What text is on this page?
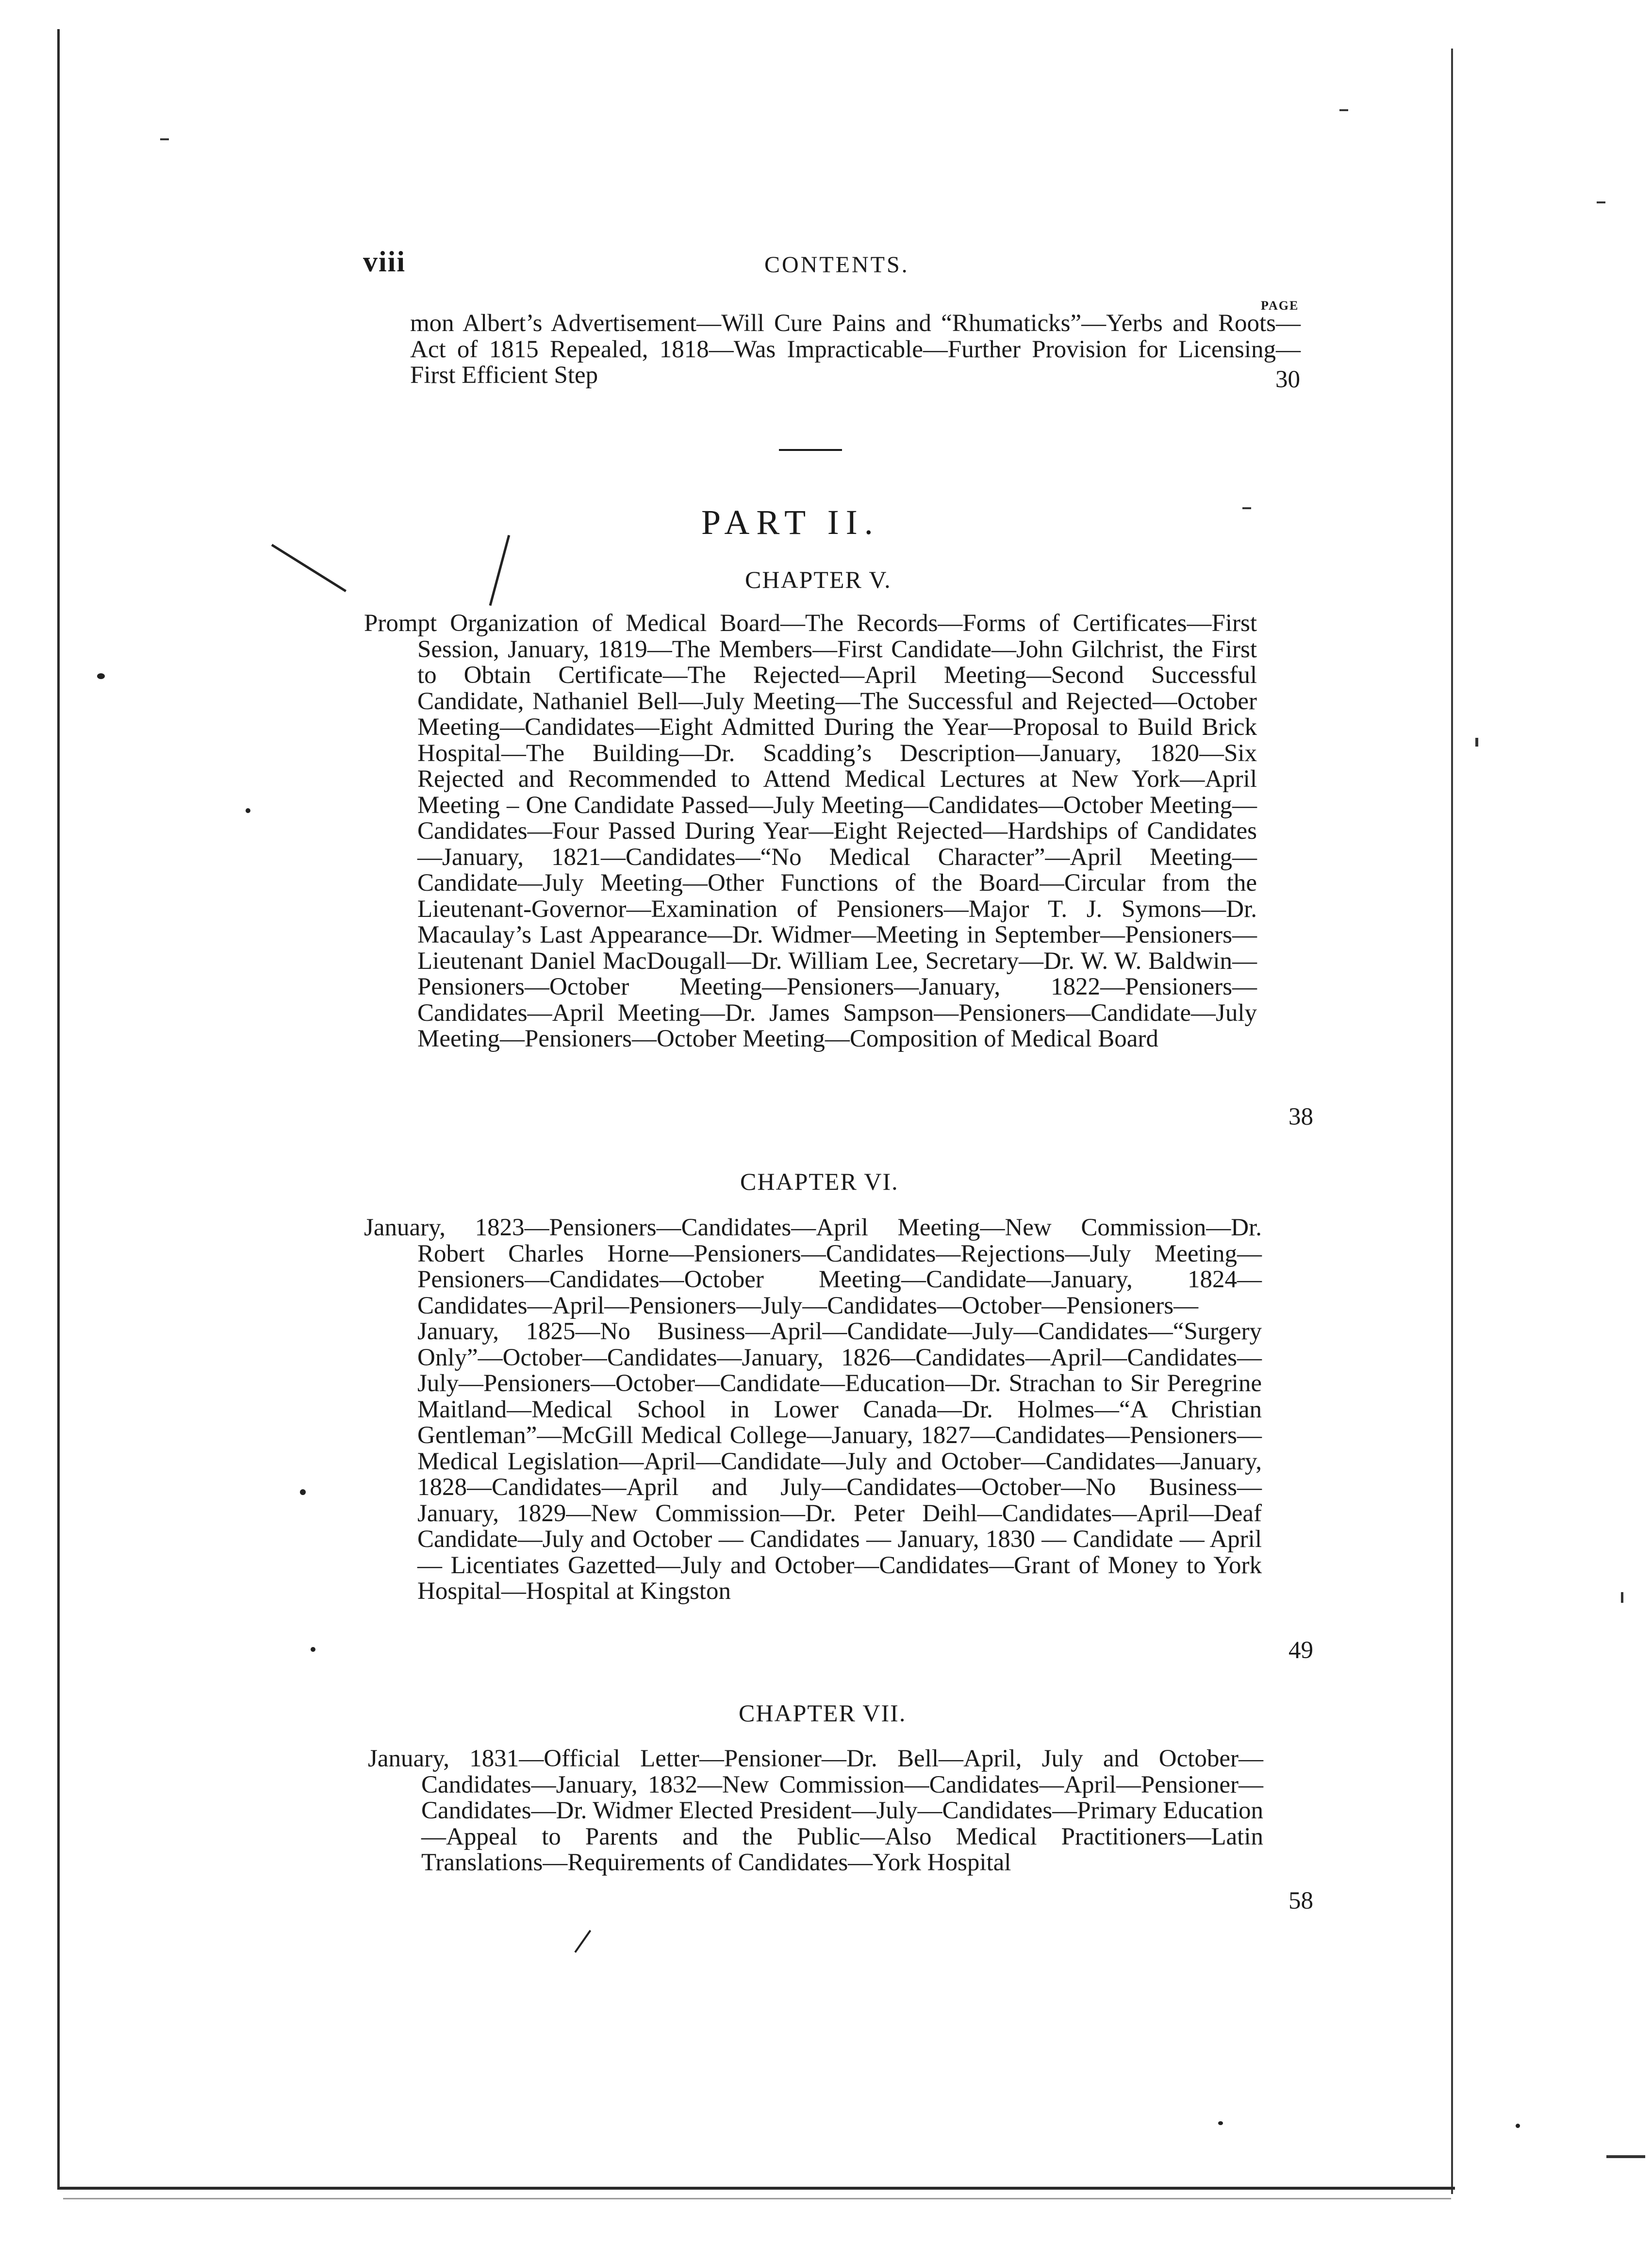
viii	CONTENTS.
PAGE

mon Albert’s Advertisement—Will Cure Pains and “Rhumaticks”—Yerbs and Roots—Act of 1815 Repealed, 1818—Was Impracticable—Further Provision for Licensing—First Efficient Step	30
PART II.
CHAPTER V.

Prompt Organization of Medical Board—The Records—Forms of Certificates—First Session, January, 1819—The Members—First Candidate—John Gilchrist, the First to Obtain Certificate—The Rejected—April Meeting—Second Successful Candidate, Nathaniel Bell—July Meeting—The Successful and Rejected—October Meeting—Candidates—Eight Admitted During the Year—Proposal to Build Brick Hospital—The Building—Dr. Scadding’s Description—January, 1820—Six Rejected and Recommended to Attend Medical Lectures at New York—April Meeting – One Candidate Passed—July Meeting—Candidates—October Meeting—Candidates—Four Passed During Year—Eight Rejected—Hardships of Candidates—January, 1821—Candidates—“No Medical Character”—April Meeting—Candidate—July Meeting—Other Functions of the Board—Circular from the Lieutenant-Governor—Examination of Pensioners—Major T. J. Symons—Dr. Macaulay’s Last Appearance—Dr. Widmer—Meeting in September—Pensioners—Lieutenant Daniel MacDougall—Dr. William Lee, Secretary—Dr. W. W. Baldwin—Pensioners—October Meeting—Pensioners—January, 1822—Pensioners—Candidates—April Meeting—Dr. James Sampson—Pensioners—Candidate—July Meeting—Pensioners—October Meeting—Composition of Medical Board

38
CHAPTER VI.

January, 1823—Pensioners—Candidates—April Meeting—New Commission—Dr. Robert Charles Horne—Pensioners—Candidates—Rejections—July Meeting—Pensioners—Candidates—October Meeting—Candidate—January, 1824—Candidates—April—Pensioners—July—Candidates—October—Pensioners—January, 1825—No Business—April—Candidate—July—Candidates—“Surgery Only”—October—Candidates—January, 1826—Candidates—April—Candidates—July—Pensioners—October—Candidate—Education—Dr. Strachan to Sir Peregrine Maitland—Medical School in Lower Canada—Dr. Holmes—“A Christian Gentleman”—McGill Medical College—January, 1827—Candidates—Pensioners—Medical Legislation—April—Candidate—July and October—Candidates—January, 1828—Candidates—April and July—Candidates—October—No Business—January, 1829—New Commission—Dr. Peter Deihl—Candidates—April—Deaf Candidate—July and October — Candidates — January, 1830 — Candidate — April — Licentiates Gazetted—July and October—Candidates—Grant of Money to York Hospital—Hospital at Kingston

49
CHAPTER VII.

January, 1831—Official Letter—Pensioner—Dr. Bell—April, July and October—Candidates—January, 1832—New Commission—Candidates—April—Pensioner—Candidates—Dr. Widmer Elected President—July—Candidates—Primary Education—Appeal to Parents and the Public—Also Medical Practitioners—Latin Translations—Requirements of Candidates—York Hospital

58
